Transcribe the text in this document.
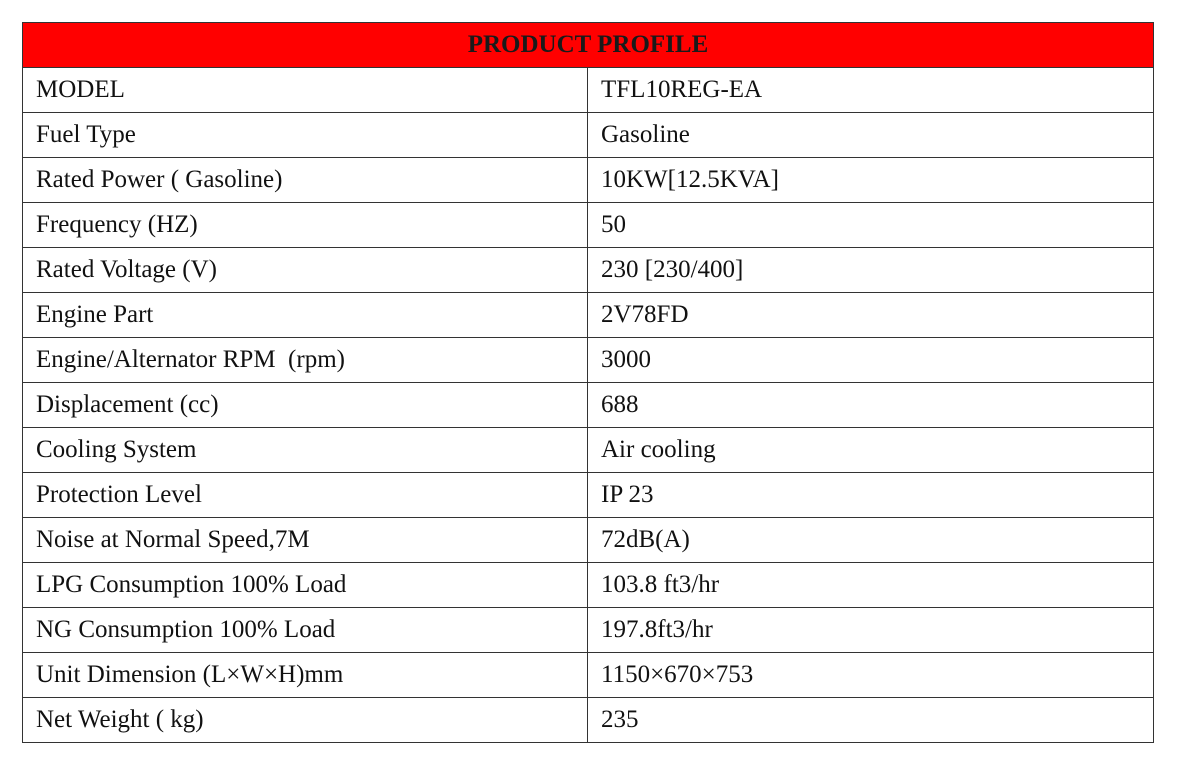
PRODUCT PROFILE	
MODEL	TFL10REG-EA
Fuel Type	Gasoline
Rated Power ( Gasoline)	10KW[12.5KVA]
Frequency (HZ)	50
Rated Voltage (V)	230 [230/400]
Engine Part	2V78FD
Engine/Alternator RPM  (rpm)	3000
Displacement (cc)	688
Cooling System	Air cooling
Protection Level	IP 23
Noise at Normal Speed,7M	72dB(A)
LPG Consumption 100% Load	103.8 ft3/hr
NG Consumption 100% Load	197.8ft3/hr
Unit Dimension (L×W×H)mm	1150×670×753
Net Weight ( kg)	235
